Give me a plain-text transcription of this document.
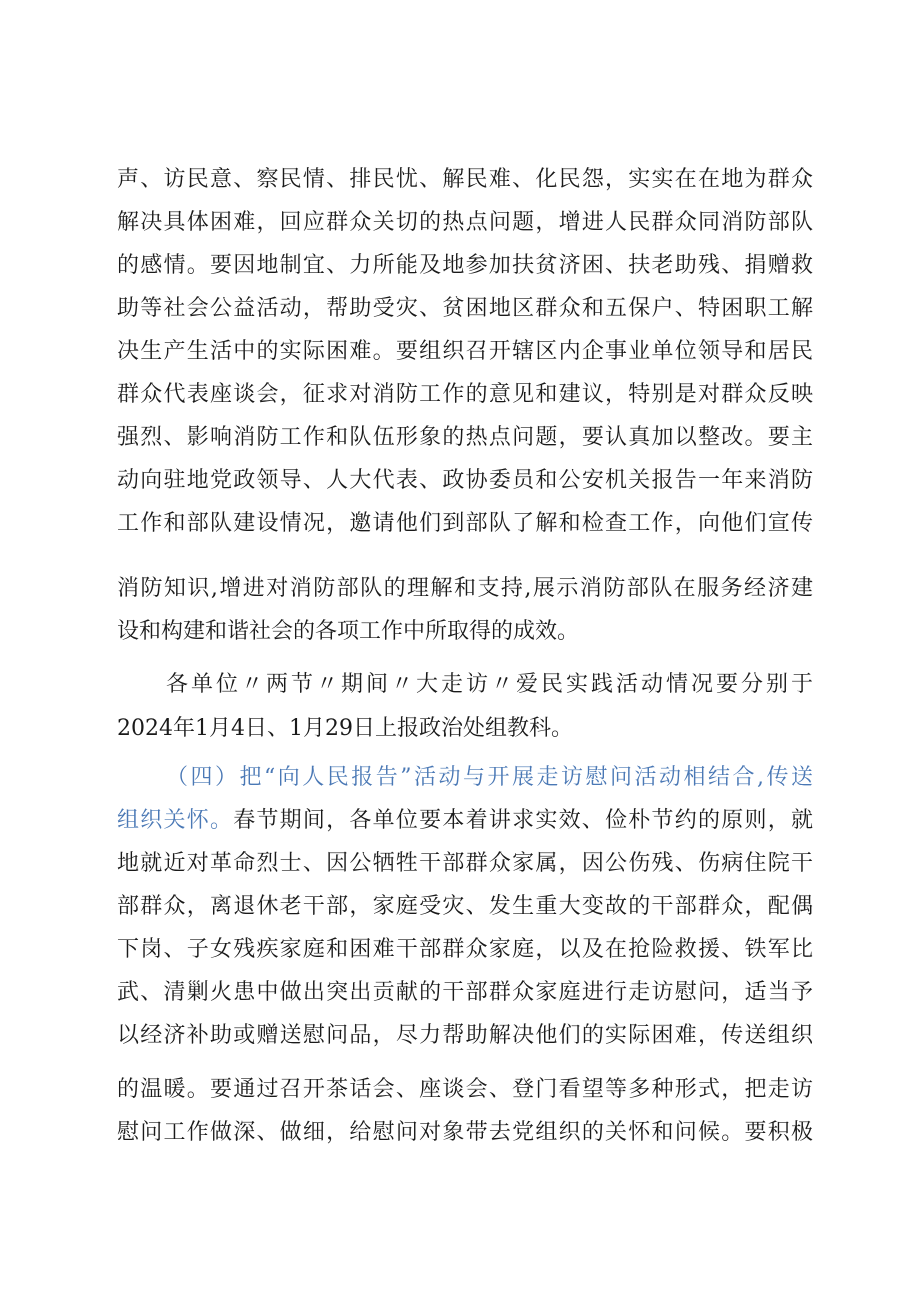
声、访民意、察民情、排民忧、解民难、化民怨，实实在在地为群众
解决具体困难，回应群众关切的热点问题，增进人民群众同消防部队
的感情。要因地制宜、力所能及地参加扶贫济困、扶老助残、捐赠救
助等社会公益活动，帮助受灾、贫困地区群众和五保户、特困职工解
决生产生活中的实际困难。要组织召开辖区内企事业单位领导和居民
群众代表座谈会，征求对消防工作的意见和建议，特别是对群众反映
强烈、影响消防工作和队伍形象的热点问题，要认真加以整改。要主
动向驻地党政领导、人大代表、政协委员和公安机关报告一年来消防
工作和部队建设情况，邀请他们到部队了解和检查工作，向他们宣传
消防知识,增进对消防部队的理解和支持,展示消防部队在服务经济建
设和构建和谐社会的各项工作中所取得的成效。
各单位〃两节〃期间〃大走访〃爱民实践活动情况要分别于
2024年1月4日、1月29日上报政治处组教科。
（四）把“向人民报告”活动与开展走访慰问活动相结合,传送
组织关怀。春节期间，各单位要本着讲求实效、俭朴节约的原则，就
地就近对革命烈士、因公牺牲干部群众家属，因公伤残、伤病住院干
部群众，离退休老干部，家庭受灾、发生重大变故的干部群众，配偶
下岗、子女残疾家庭和困难干部群众家庭，以及在抢险救援、铁军比
武、清剿火患中做出突出贡献的干部群众家庭进行走访慰问，适当予
以经济补助或赠送慰问品，尽力帮助解决他们的实际困难，传送组织
的温暖。要通过召开茶话会、座谈会、登门看望等多种形式，把走访
慰问工作做深、做细，给慰问对象带去党组织的关怀和问候。要积极
